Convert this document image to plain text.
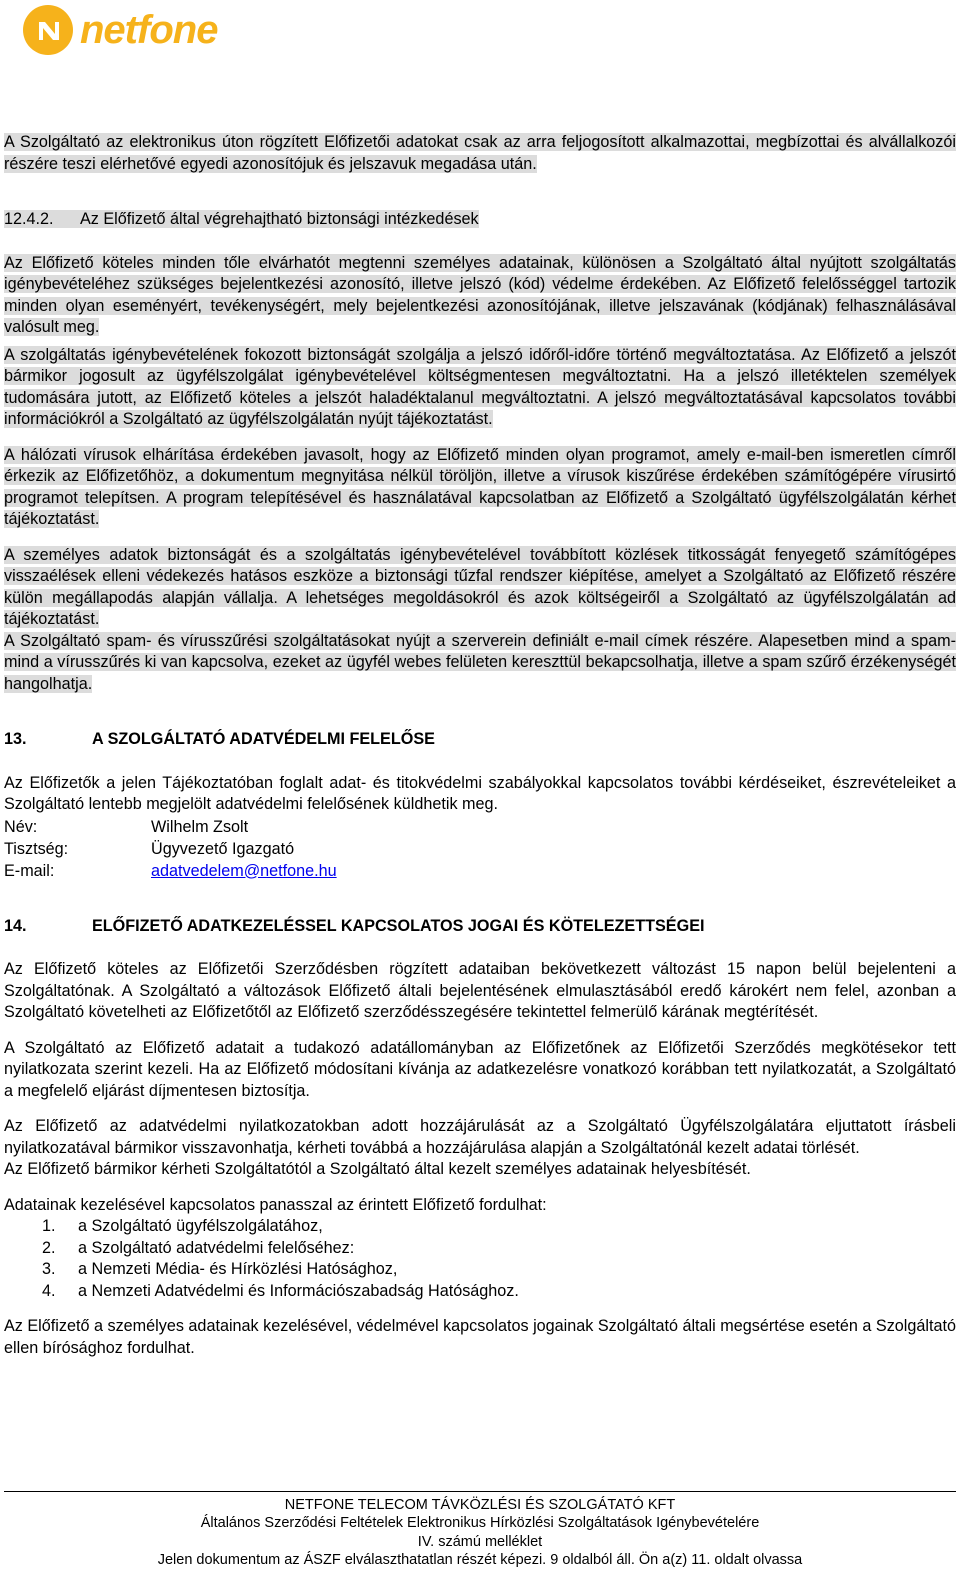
netfone

A Szolgáltató az elektronikus úton rögzített Előfizetői adatokat csak az arra feljogosított alkalmazottai, megbízottai és alvállalkozói részére teszi elérhetővé egyedi azonosítójuk és jelszavuk megadása után.

12.4.2. Az Előfizető által végrehajtható biztonsági intézkedések

Az Előfizető köteles minden tőle elvárhatót megtenni személyes adatainak, különösen a Szolgáltató által nyújtott szolgáltatás igénybevételéhez szükséges bejelentkezési azonosító, illetve jelszó (kód) védelme érdekében. Az Előfizető felelősséggel tartozik minden olyan eseményért, tevékenységért, mely bejelentkezési azonosítójának, illetve jelszavának (kódjának) felhasználásával valósult meg.

A szolgáltatás igénybevételének fokozott biztonságát szolgálja a jelszó időről-időre történő megváltoztatása. Az Előfizető a jelszót bármikor jogosult az ügyfélszolgálat igénybevételével költségmentesen megváltoztatni. Ha a jelszó illetéktelen személyek tudomására jutott, az Előfizető köteles a jelszót haladéktalanul megváltoztatni. A jelszó megváltoztatásával kapcsolatos további információkról a Szolgáltató az ügyfélszolgálatán nyújt tájékoztatást.

A hálózati vírusok elhárítása érdekében javasolt, hogy az Előfizető minden olyan programot, amely e-mail-ben ismeretlen címről érkezik az Előfizetőhöz, a dokumentum megnyitása nélkül töröljön, illetve a vírusok kiszűrése érdekében számítógépére vírusirtó programot telepítsen. A program telepítésével és használatával kapcsolatban az Előfizető a Szolgáltató ügyfélszolgálatán kérhet tájékoztatást.

A személyes adatok biztonságát és a szolgáltatás igénybevételével továbbított közlések titkosságát fenyegető számítógépes visszaélések elleni védekezés hatásos eszköze a biztonsági tűzfal rendszer kiépítése, amelyet a Szolgáltató az Előfizető részére külön megállapodás alapján vállalja. A lehetséges megoldásokról és azok költségeiről a Szolgáltató az ügyfélszolgálatán ad tájékoztatást.

A Szolgáltató spam- és vírusszűrési szolgáltatásokat nyújt a szerverein definiált e-mail címek részére. Alapesetben mind a spam- mind a vírusszűrés ki van kapcsolva, ezeket az ügyfél webes felületen kereszttül bekapcsolhatja, illetve a spam szűrő érzékenységét hangolhatja.

13.	A SZOLGÁLTATÓ ADATVÉDELMI FELELŐSE

Az Előfizetők a jelen Tájékoztatóban foglalt adat- és titokvédelmi szabályokkal kapcsolatos további kérdéseiket, észrevételeiket a Szolgáltató lentebb megjelölt adatvédelmi felelősének küldhetik meg.

Név:	Wilhelm Zsolt
Tisztség:	Ügyvezető Igazgató
E-mail:	adatvedelem@netfone.hu

14.	ELŐFIZETŐ ADATKEZELÉSSEL KAPCSOLATOS JOGAI ÉS KÖTELEZETTSÉGEI

Az Előfizető köteles az Előfizetői Szerződésben rögzített adataiban bekövetkezett változást 15 napon belül bejelenteni a Szolgáltatónak. A Szolgáltató a változások Előfizető általi bejelentésének elmulasztásából eredő károkért nem felel, azonban a Szolgáltató követelheti az Előfizetőtől az Előfizető szerződésszegésére tekintettel felmerülő kárának megtérítését.

A Szolgáltató az Előfizető adatait a tudakozó adatállományban az Előfizetőnek az Előfizetői Szerződés megkötésekor tett nyilatkozata szerint kezeli. Ha az Előfizető módosítani kívánja az adatkezelésre vonatkozó korábban tett nyilatkozatát, a Szolgáltató a megfelelő eljárást díjmentesen biztosítja.

Az Előfizető az adatvédelmi nyilatkozatokban adott hozzájárulását az a Szolgáltató Ügyfélszolgálatára eljuttatott írásbeli nyilatkozatával bármikor visszavonhatja, kérheti továbbá a hozzájárulása alapján a Szolgáltatónál kezelt adatai törlését.

Az Előfizető bármikor kérheti Szolgáltatótól a Szolgáltató által kezelt személyes adatainak helyesbítését.

Adatainak kezelésével kapcsolatos panasszal az érintett Előfizető fordulhat:

1.	a Szolgáltató ügyfélszolgálatához,
2.	a Szolgáltató adatvédelmi felelőséhez:
3.	a Nemzeti Média- és Hírközlési Hatósághoz,
4.	a Nemzeti Adatvédelmi és Információszabadság Hatósághoz.

Az Előfizető a személyes adatainak kezelésével, védelmével kapcsolatos jogainak Szolgáltató általi megsértése esetén a Szolgáltató ellen bírósághoz fordulhat.

NETFONE TELECOM TÁVKÖZLÉSI ÉS SZOLGÁTATÓ KFT
Általános Szerződési Feltételek Elektronikus Hírközlési Szolgáltatások Igénybevételére
IV. számú melléklet
Jelen dokumentum az ÁSZF elválaszthatatlan részét képezi. 9 oldalból áll. Ön a(z) 11. oldalt olvassa
